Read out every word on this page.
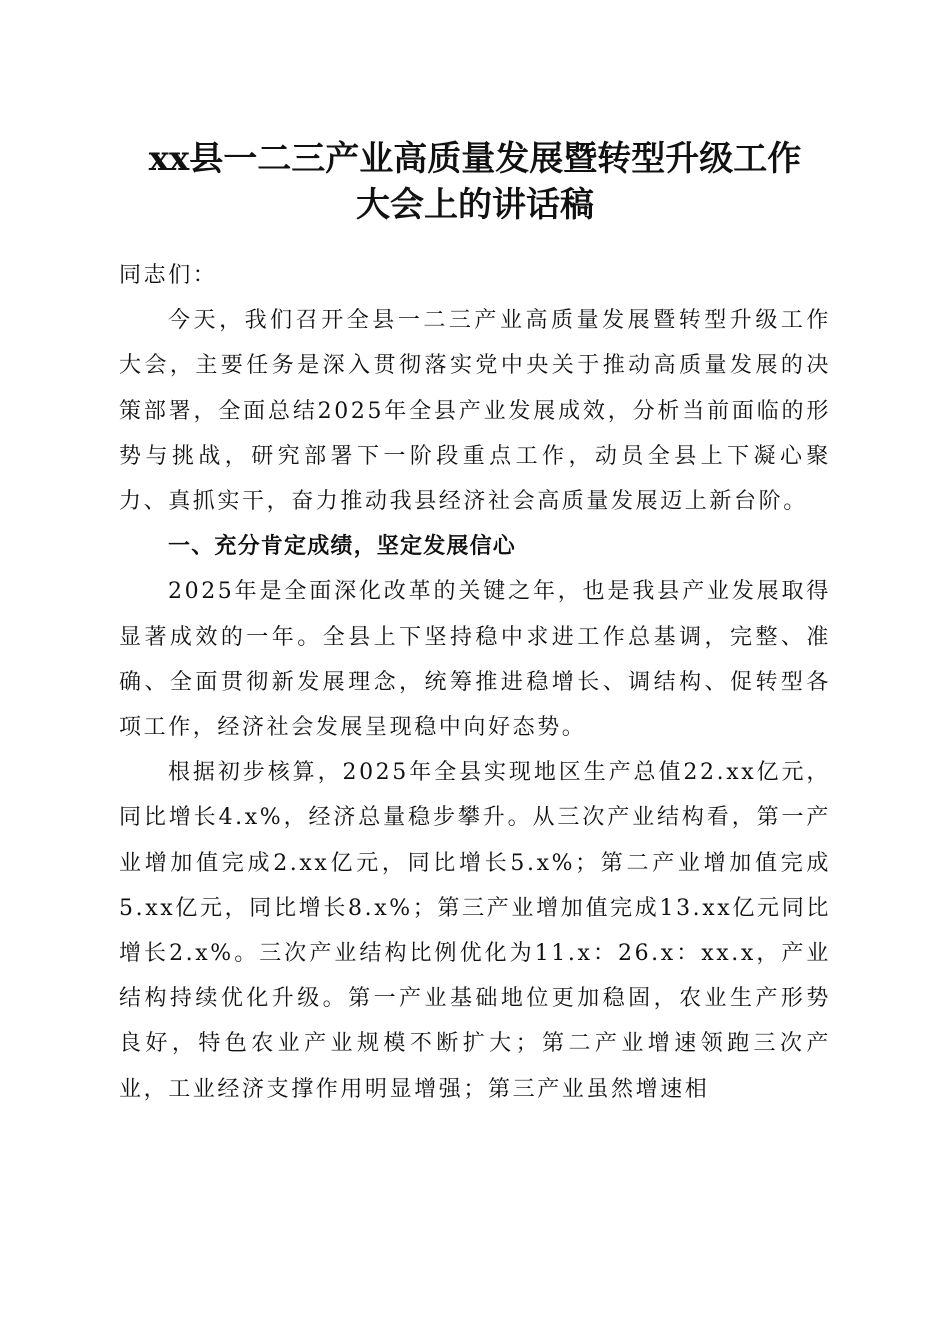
xx县一二三产业高质量发展暨转型升级工作
大会上的讲话稿

同志们：

今天，我们召开全县一二三产业高质量发展暨转型升级工作大会，主要任务是深入贯彻落实党中央关于推动高质量发展的决策部署，全面总结2025年全县产业发展成效，分析当前面临的形势与挑战，研究部署下一阶段重点工作，动员全县上下凝心聚力、真抓实干，奋力推动我县经济社会高质量发展迈上新台阶。

一、充分肯定成绩，坚定发展信心

2025年是全面深化改革的关键之年，也是我县产业发展取得显著成效的一年。全县上下坚持稳中求进工作总基调，完整、准确、全面贯彻新发展理念，统筹推进稳增长、调结构、促转型各项工作，经济社会发展呈现稳中向好态势。

根据初步核算，2025年全县实现地区生产总值22.xx亿元，同比增长4.x%，经济总量稳步攀升。从三次产业结构看，第一产业增加值完成2.xx亿元，同比增长5.x%；第二产业增加值完成5.xx亿元，同比增长8.x%；第三产业增加值完成13.xx亿元同比增长2.x%。三次产业结构比例优化为11.x：26.x：xx.x，产业结构持续优化升级。第一产业基础地位更加稳固，农业生产形势良好，特色农业产业规模不断扩大；第二产业增速领跑三次产业，工业经济支撑作用明显增强；第三产业虽然增速相
